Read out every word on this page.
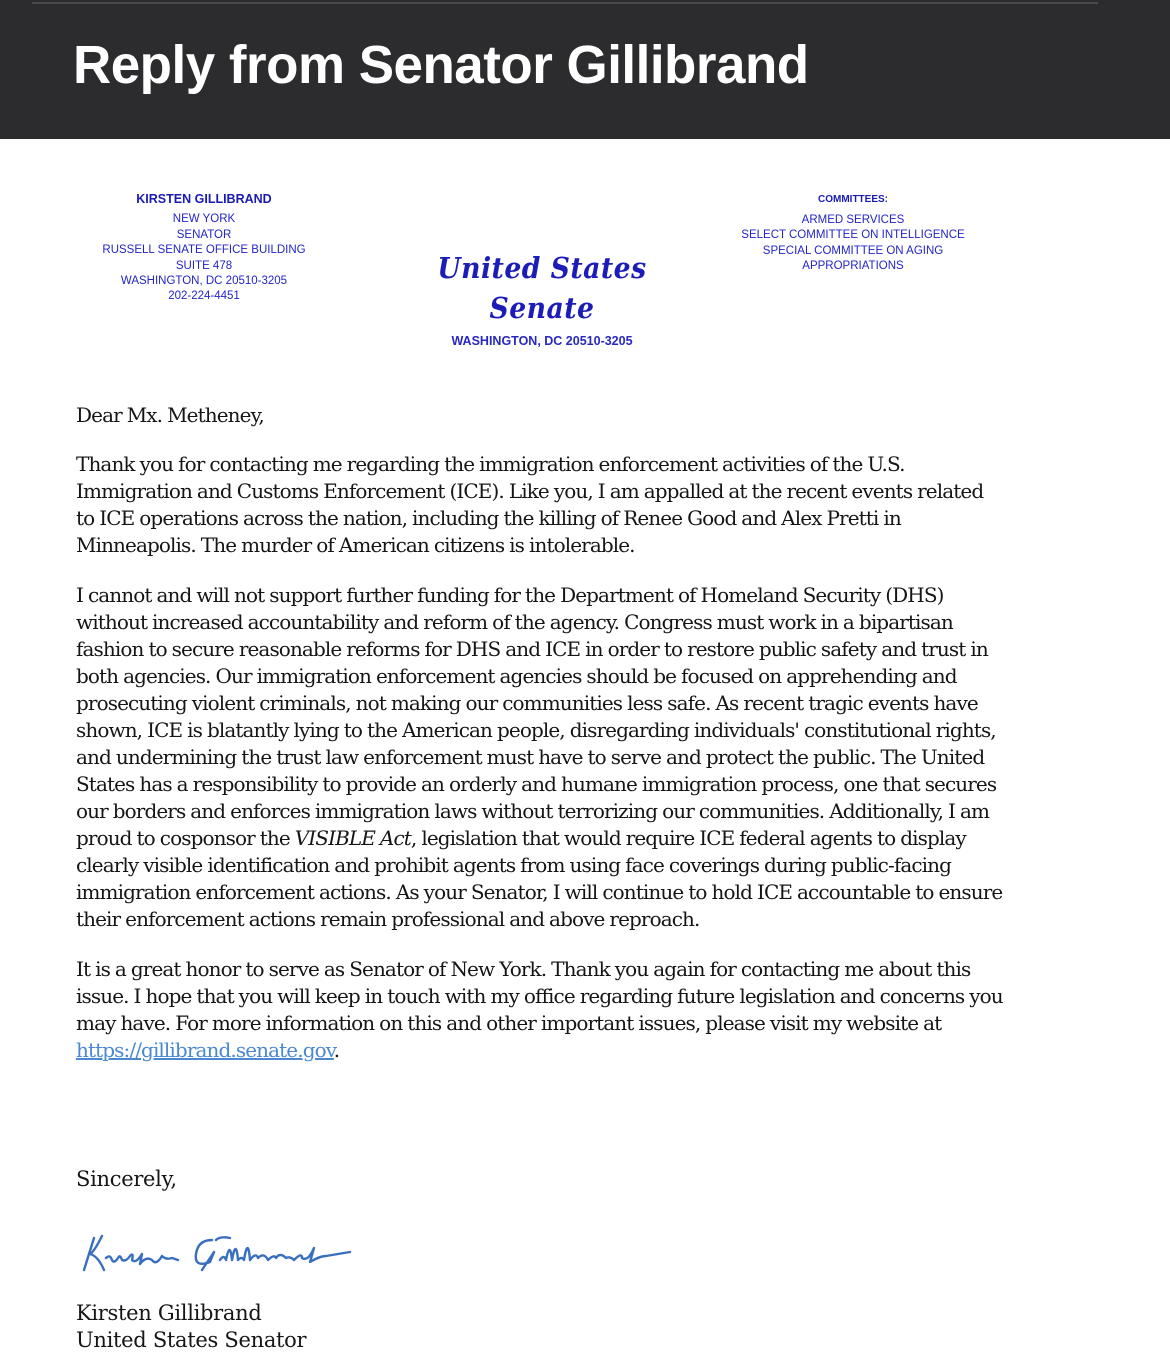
Reply from Senator Gillibrand
KIRSTEN GILLIBRAND
NEW YORK
SENATOR
RUSSELL SENATE OFFICE BUILDING
SUITE 478
WASHINGTON, DC 20510-3205
202-224-4451
United States Senate
WASHINGTON, DC 20510-3205
COMMITTEES:
ARMED SERVICES
SELECT COMMITTEE ON INTELLIGENCE
SPECIAL COMMITTEE ON AGING
APPROPRIATIONS

Dear Mx. Metheney,

Thank you for contacting me regarding the immigration enforcement activities of the U.S. Immigration and Customs Enforcement (ICE). Like you, I am appalled at the recent events related to ICE operations across the nation, including the killing of Renee Good and Alex Pretti in Minneapolis. The murder of American citizens is intolerable.

I cannot and will not support further funding for the Department of Homeland Security (DHS) without increased accountability and reform of the agency. Congress must work in a bipartisan fashion to secure reasonable reforms for DHS and ICE in order to restore public safety and trust in both agencies. Our immigration enforcement agencies should be focused on apprehending and prosecuting violent criminals, not making our communities less safe. As recent tragic events have shown, ICE is blatantly lying to the American people, disregarding individuals' constitutional rights, and undermining the trust law enforcement must have to serve and protect the public. The United States has a responsibility to provide an orderly and humane immigration process, one that secures our borders and enforces immigration laws without terrorizing our communities. Additionally, I am proud to cosponsor the VISIBLE Act, legislation that would require ICE federal agents to display clearly visible identification and prohibit agents from using face coverings during public-facing immigration enforcement actions. As your Senator, I will continue to hold ICE accountable to ensure their enforcement actions remain professional and above reproach.

It is a great honor to serve as Senator of New York. Thank you again for contacting me about this issue. I hope that you will keep in touch with my office regarding future legislation and concerns you may have. For more information on this and other important issues, please visit my website at https://gillibrand.senate.gov.

Sincerely,
Kirsten Gillibrand
United States Senator
